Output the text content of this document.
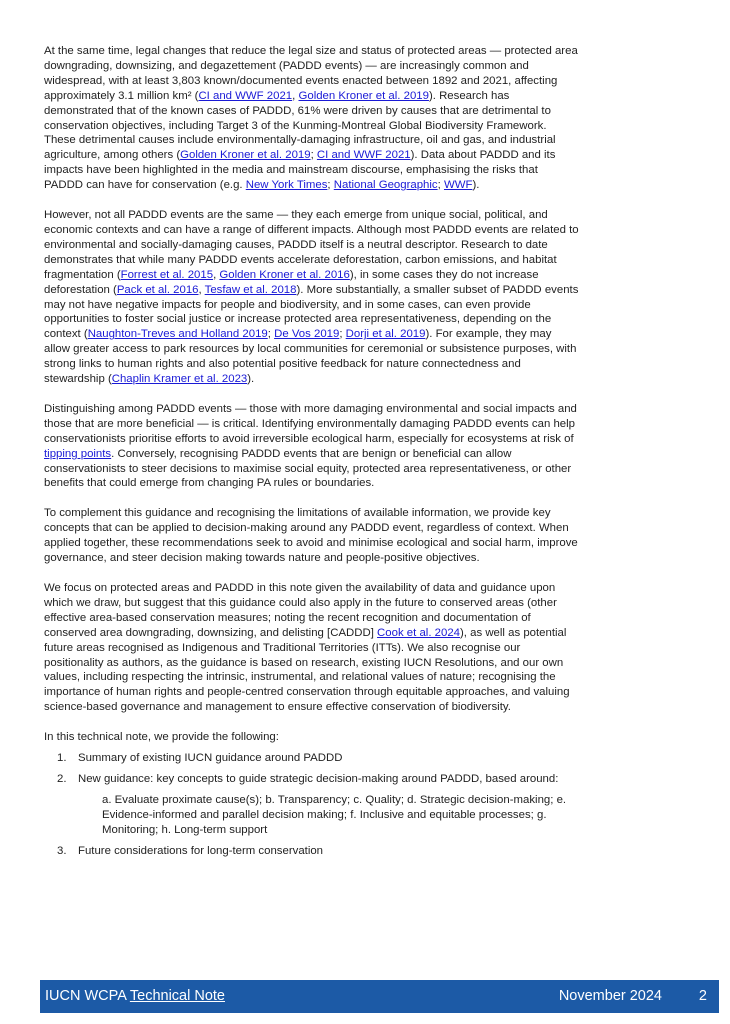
At the same time, legal changes that reduce the legal size and status of protected areas — protected area downgrading, downsizing, and degazettement (PADDD events) — are increasingly common and widespread, with at least 3,803 known/documented events enacted between 1892 and 2021, affecting approximately 3.1 million km² (CI and WWF 2021, Golden Kroner et al. 2019). Research has demonstrated that of the known cases of PADDD, 61% were driven by causes that are detrimental to conservation objectives, including Target 3 of the Kunming-Montreal Global Biodiversity Framework. These detrimental causes include environmentally-damaging infrastructure, oil and gas, and industrial agriculture, among others (Golden Kroner et al. 2019; CI and WWF 2021). Data about PADDD and its impacts have been highlighted in the media and mainstream discourse, emphasising the risks that PADDD can have for conservation (e.g. New York Times; National Geographic; WWF).

However, not all PADDD events are the same — they each emerge from unique social, political, and economic contexts and can have a range of different impacts. Although most PADDD events are related to environmental and socially-damaging causes, PADDD itself is a neutral descriptor. Research to date demonstrates that while many PADDD events accelerate deforestation, carbon emissions, and habitat fragmentation (Forrest et al. 2015, Golden Kroner et al. 2016), in some cases they do not increase deforestation (Pack et al. 2016, Tesfaw et al. 2018). More substantially, a smaller subset of PADDD events may not have negative impacts for people and biodiversity, and in some cases, can even provide opportunities to foster social justice or increase protected area representativeness, depending on the context (Naughton-Treves and Holland 2019; De Vos 2019; Dorji et al. 2019). For example, they may allow greater access to park resources by local communities for ceremonial or subsistence purposes, with strong links to human rights and also potential positive feedback for nature connectedness and stewardship (Chaplin Kramer et al. 2023).

Distinguishing among PADDD events — those with more damaging environmental and social impacts and those that are more beneficial — is critical. Identifying environmentally damaging PADDD events can help conservationists prioritise efforts to avoid irreversible ecological harm, especially for ecosystems at risk of tipping points. Conversely, recognising PADDD events that are benign or beneficial can allow conservationists to steer decisions to maximise social equity, protected area representativeness, or other benefits that could emerge from changing PA rules or boundaries.

To complement this guidance and recognising the limitations of available information, we provide key concepts that can be applied to decision-making around any PADDD event, regardless of context. When applied together, these recommendations seek to avoid and minimise ecological and social harm, improve governance, and steer decision making towards nature and people-positive objectives.

We focus on protected areas and PADDD in this note given the availability of data and guidance upon which we draw, but suggest that this guidance could also apply in the future to conserved areas (other effective area-based conservation measures; noting the recent recognition and documentation of conserved area downgrading, downsizing, and delisting [CADDD] Cook et al. 2024), as well as potential future areas recognised as Indigenous and Traditional Territories (ITTs). We also recognise our positionality as authors, as the guidance is based on research, existing IUCN Resolutions, and our own values, including respecting the intrinsic, instrumental, and relational values of nature; recognising the importance of human rights and people-centred conservation through equitable approaches, and valuing science-based governance and management to ensure effective conservation of biodiversity.

In this technical note, we provide the following:

1. Summary of existing IUCN guidance around PADDD
2. New guidance: key concepts to guide strategic decision-making around PADDD, based around:
a. Evaluate proximate cause(s); b. Transparency; c. Quality; d. Strategic decision-making; e. Evidence-informed and parallel decision making; f. Inclusive and equitable processes; g. Monitoring; h. Long-term support
3. Future considerations for long-term conservation
IUCN WCPA Technical Note	November 2024	2
